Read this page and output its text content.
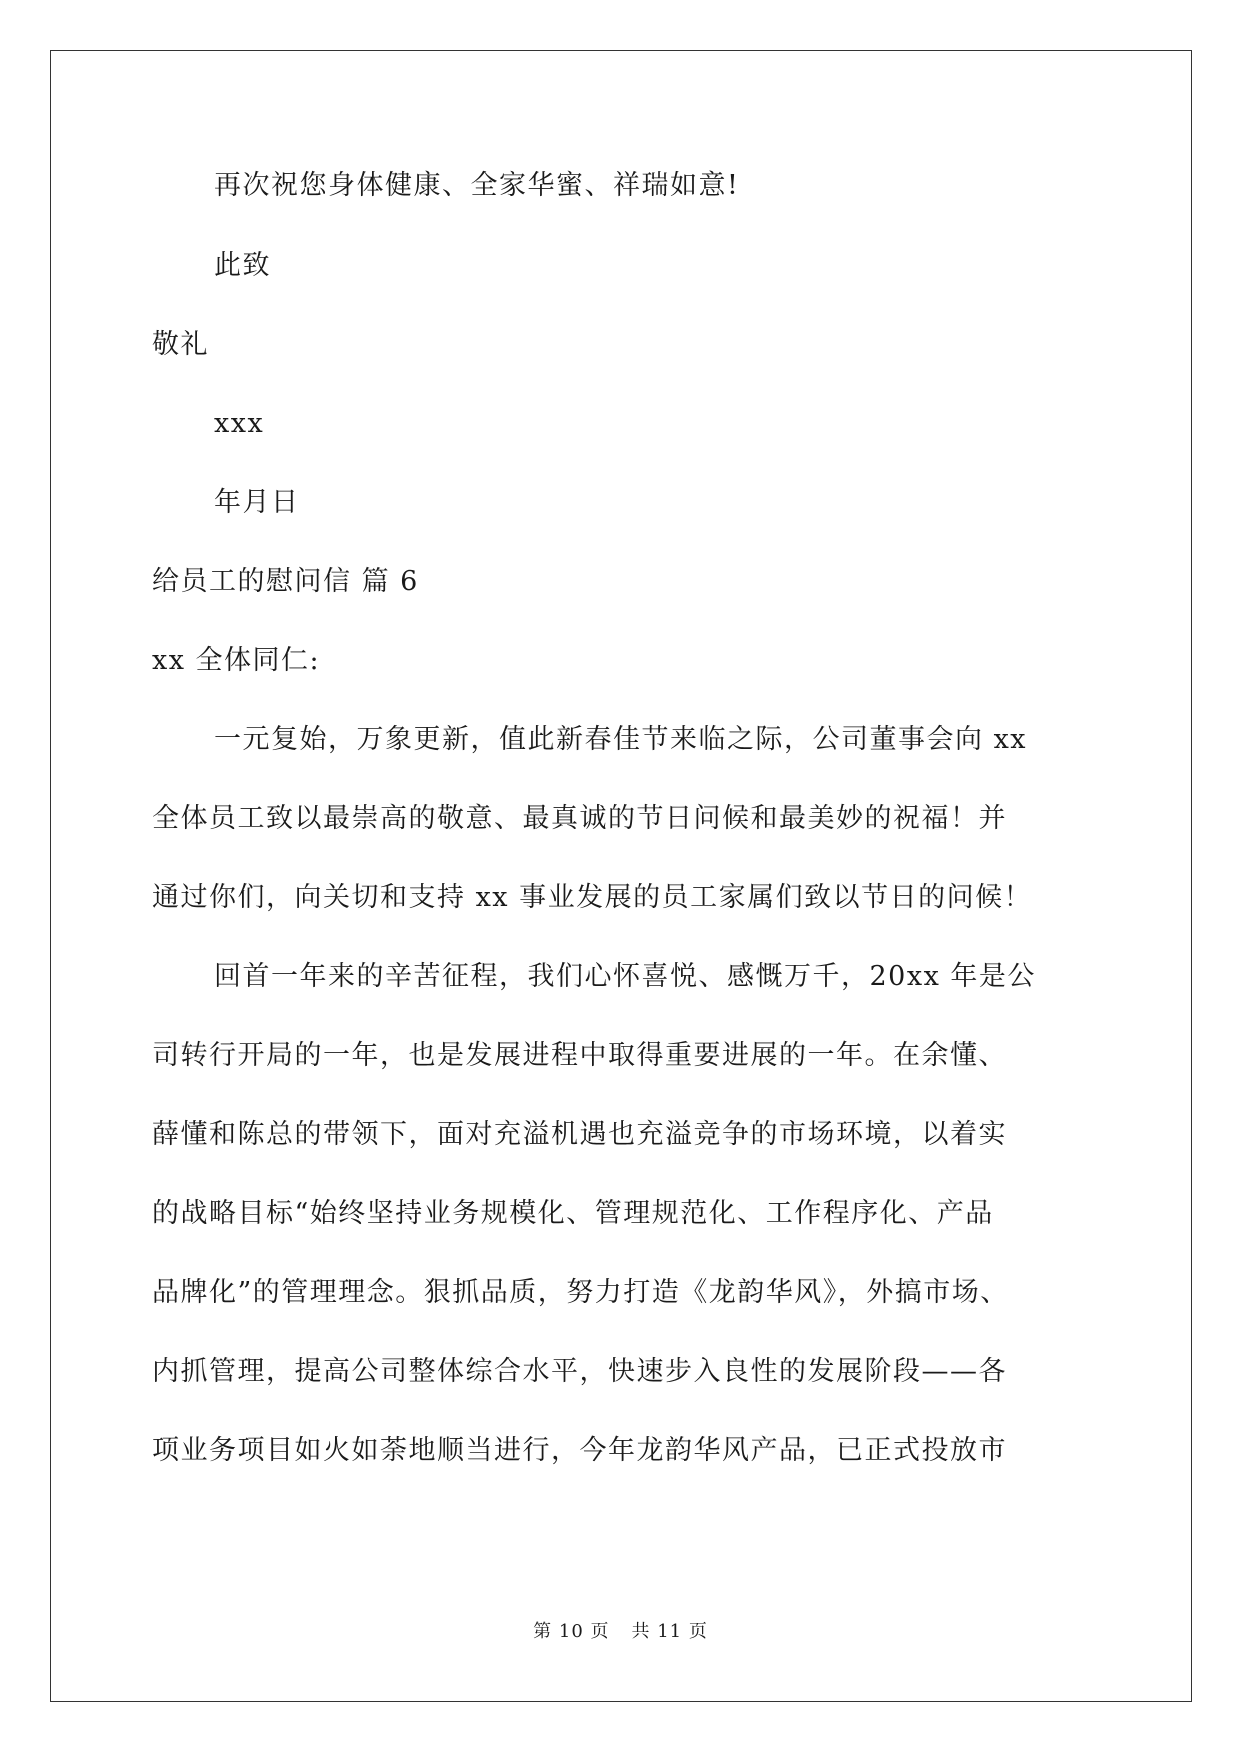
再次祝您身体健康、全家华蜜、祥瑞如意!
此致
敬礼
xxx
年月日
给员工的慰问信 篇 6
xx 全体同仁:
一元复始，万象更新，值此新春佳节来临之际，公司董事会向 xx
全体员工致以最崇高的敬意、最真诚的节日问候和最美妙的祝福！并
通过你们，向关切和支持 xx 事业发展的员工家属们致以节日的问候！
回首一年来的辛苦征程，我们心怀喜悦、感慨万千，20xx 年是公
司转行开局的一年，也是发展进程中取得重要进展的一年。在余懂、
薛懂和陈总的带领下，面对充溢机遇也充溢竞争的市场环境，以着实
的战略目标“始终坚持业务规模化、管理规范化、工作程序化、产品
品牌化”的管理理念。狠抓品质，努力打造《龙韵华风》，外搞市场、
内抓管理，提高公司整体综合水平，快速步入良性的发展阶段——各
项业务项目如火如荼地顺当进行，今年龙韵华风产品，已正式投放市
第 10 页 共 11 页
